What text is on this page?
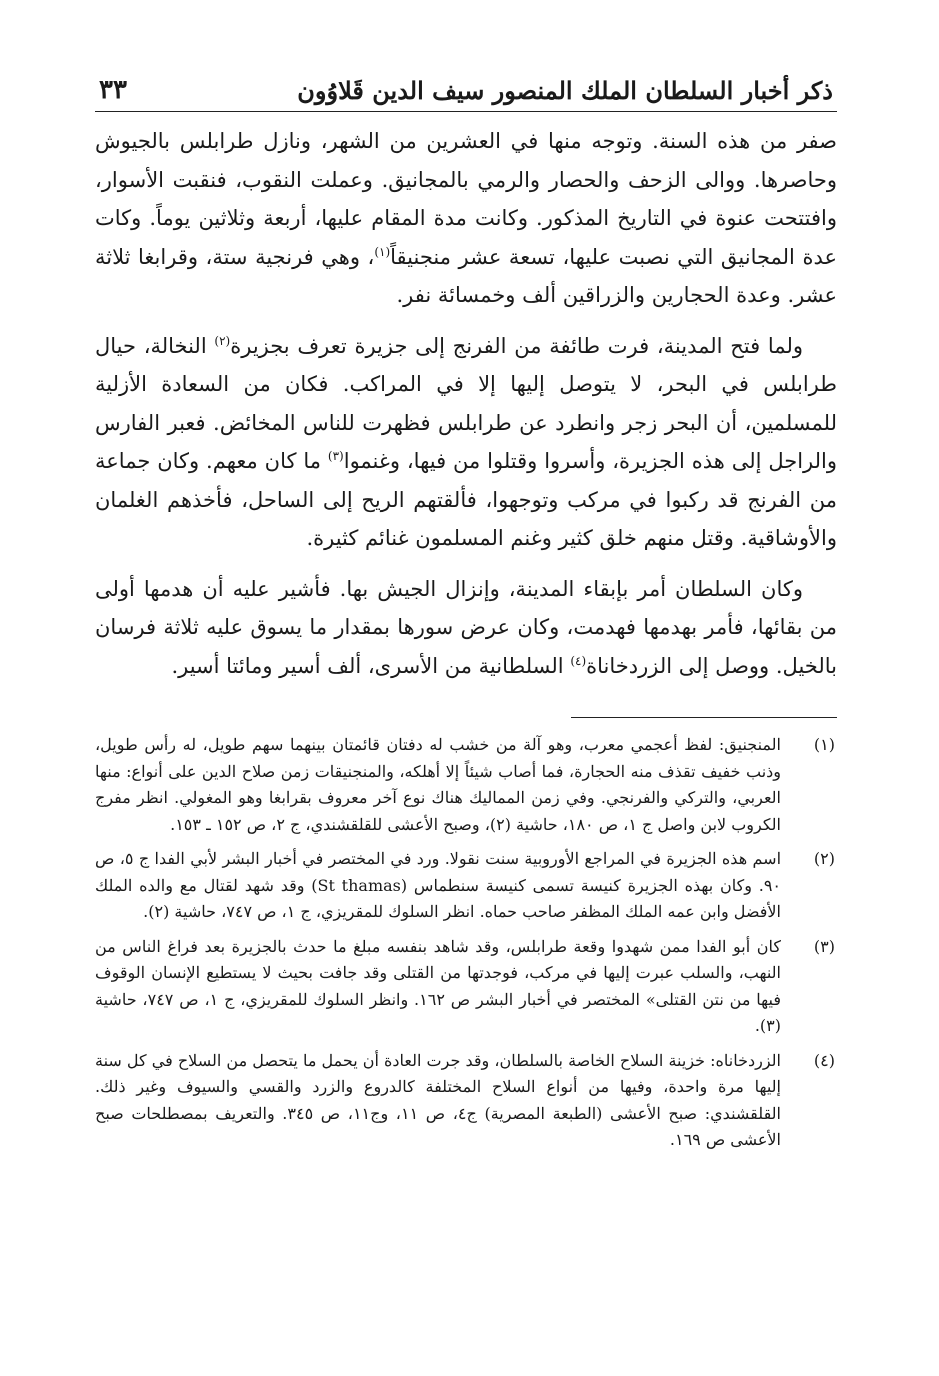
ذكر أخبار السلطان الملك المنصور سيف الدين قَلاوُون
٣٣

صفر من هذه السنة. وتوجه منها في العشرين من الشهر، ونازل طرابلس بالجيوش وحاصرها. ووالى الزحف والحصار والرمي بالمجانيق. وعملت النقوب، فنقبت الأسوار، وافتتحت عنوة في التاريخ المذكور. وكانت مدة المقام عليها، أربعة وثلاثين يوماً. وكات عدة المجانيق التي نصبت عليها، تسعة عشر منجنيقاً$^{(١)}$، وهي فرنجية ستة، وقرابغا ثلاثة عشر. وعدة الحجارين والزراقين ألف وخمسائة نفر.

ولما فتح المدينة، فرت طائفة من الفرنج إلى جزيرة تعرف بجزيرة$^{(٢)}$ النخالة، حيال طرابلس في البحر، لا يتوصل إليها إلا في المراكب. فكان من السعادة الأزلية للمسلمين، أن البحر زجر وانطرد عن طرابلس فظهرت للناس المخائض. فعبر الفارس والراجل إلى هذه الجزيرة، وأسروا وقتلوا من فيها، وغنموا$^{(٣)}$ ما كان معهم. وكان جماعة من الفرنج قد ركبوا في مركب وتوجهوا، فألقتهم الريح إلى الساحل، فأخذهم الغلمان والأوشاقية. وقتل منهم خلق كثير وغنم المسلمون غنائم كثيرة.

وكان السلطان أمر بإبقاء المدينة، وإنزال الجيش بها. فأشير عليه أن هدمها أولى من بقائها، فأمر بهدمها فهدمت، وكان عرض سورها بمقدار ما يسوق عليه ثلاثة فرسان بالخيل. ووصل إلى الزردخاناة$^{(٤)}$ السلطانية من الأسرى، ألف أسير ومائتا أسير.

(١)
المنجنيق: لفظ أعجمي معرب، وهو آلة من خشب له دفتان قائمتان بينهما سهم طويل، له رأس طويل، وذنب خفيف تقذف منه الحجارة، فما أصاب شيئاً إلا أهلكه، والمنجنيقات زمن صلاح الدين على أنواع: منها العربي، والتركي والفرنجي. وفي زمن المماليك هناك نوع آخر معروف بقرابغا وهو المغولي. انظر مفرج الكروب لابن واصل ج ١، ص ١٨٠، حاشية (٢)، وصبح الأعشى للقلقشندي، ج ٢، ص ١٥٢ ـ ١٥٣.
(٢)
اسم هذه الجزيرة في المراجع الأوروبية سنت نقولا. ورد في المختصر في أخبار البشر لأبي الفدا ج ٥، ص ٩٠. وكان بهذه الجزيرة كنيسة تسمى كنيسة سنطماس (St thamas) وقد شهد لقتال مع والده الملك الأفضل وابن عمه الملك المظفر صاحب حماه. انظر السلوك للمقريزي، ج ١، ص ٧٤٧، حاشية (٢).
(٣)
كان أبو الفدا ممن شهدوا وقعة طرابلس، وقد شاهد بنفسه مبلغ ما حدث بالجزيرة بعد فراغ الناس من النهب، والسلب عبرت إليها في مركب، فوجدتها من القتلى وقد جافت بحيث لا يستطيع الإنسان الوقوف فيها من نتن القتلى» المختصر في أخبار البشر ص ١٦٢. وانظر السلوك للمقريزي، ج ١، ص ٧٤٧، حاشية (٣).
(٤)
الزردخاناه: خزينة السلاح الخاصة بالسلطان، وقد جرت العادة أن يحمل ما يتحصل من السلاح في كل سنة إليها مرة واحدة، وفيها من أنواع السلاح المختلفة كالدروع والزرد والقسي والسيوف وغير ذلك. القلقشندي: صبح الأعشى (الطبعة المصرية) ج٤، ص ١١، وج١١، ص ٣٤٥. والتعريف بمصطلحات صبح الأعشى ص ١٦٩.
